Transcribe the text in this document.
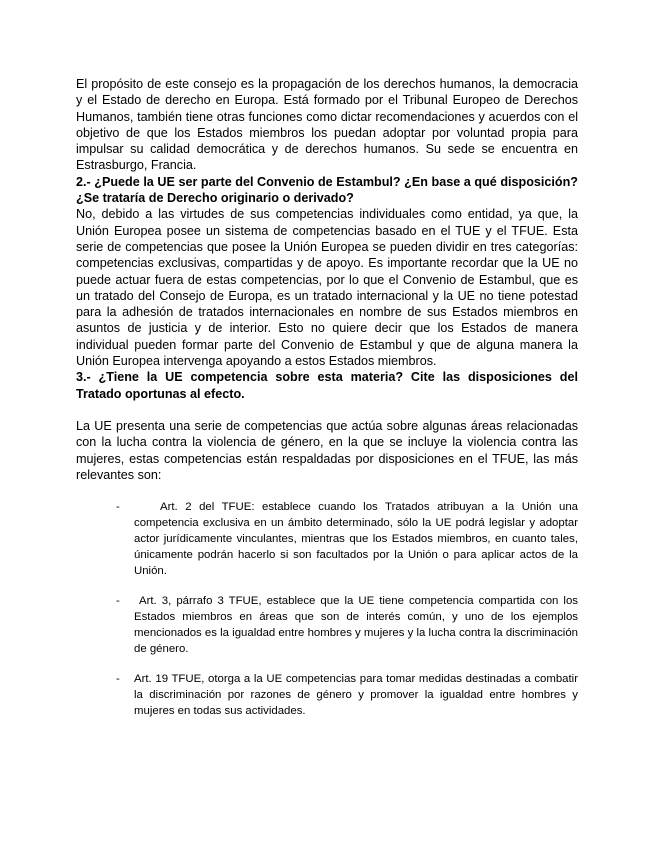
El propósito de este consejo es la propagación de los derechos humanos, la democracia y el Estado de derecho en Europa. Está formado por el Tribunal Europeo de Derechos Humanos, también tiene otras funciones como dictar recomendaciones y acuerdos con el objetivo de que los Estados miembros los puedan adoptar por voluntad propia para impulsar su calidad democrática y de derechos humanos. Su sede se encuentra en Estrasburgo, Francia.

2.- ¿Puede la UE ser parte del Convenio de Estambul? ¿En base a qué disposición? ¿Se trataría de Derecho originario o derivado?

No, debido a las virtudes de sus competencias individuales como entidad, ya que, la Unión Europea posee un sistema de competencias basado en el TUE y el TFUE. Esta serie de competencias que posee la Unión Europea se pueden dividir en tres categorías: competencias exclusivas, compartidas y de apoyo. Es importante recordar que la UE no puede actuar fuera de estas competencias, por lo que el Convenio de Estambul, que es un tratado del Consejo de Europa, es un tratado internacional y la UE no tiene potestad para la adhesión de tratados internacionales en nombre de sus Estados miembros en asuntos de justicia y de interior. Esto no quiere decir que los Estados de manera individual pueden formar parte del Convenio de Estambul y que de alguna manera la Unión Europea intervenga apoyando a estos Estados miembros.

3.- ¿Tiene la UE competencia sobre esta materia? Cite las disposiciones del Tratado oportunas al efecto.

La UE presenta una serie de competencias que actúa sobre algunas áreas relacionadas con la lucha contra la violencia de género, en la que se incluye la violencia contra las mujeres, estas competencias están respaldadas por disposiciones en el TFUE, las más relevantes son:

-	Art. 2 del TFUE: establece cuando los Tratados atribuyan a la Unión una competencia exclusiva en un ámbito determinado, sólo la UE podrá legislar y adoptar actor jurídicamente vinculantes, mientras que los Estados miembros, en cuanto tales, únicamente podrán hacerlo si son facultados por la Unión o para aplicar actos de la Unión.
-	Art. 3, párrafo 3 TFUE, establece que la UE tiene competencia compartida con los Estados miembros en áreas que son de interés común, y uno de los ejemplos mencionados es la igualdad entre hombres y mujeres y la lucha contra la discriminación de género.
- Art. 19 TFUE, otorga a la UE competencias para tomar medidas destinadas a combatir la discriminación por razones de género y promover la igualdad entre hombres y mujeres en todas sus actividades.
